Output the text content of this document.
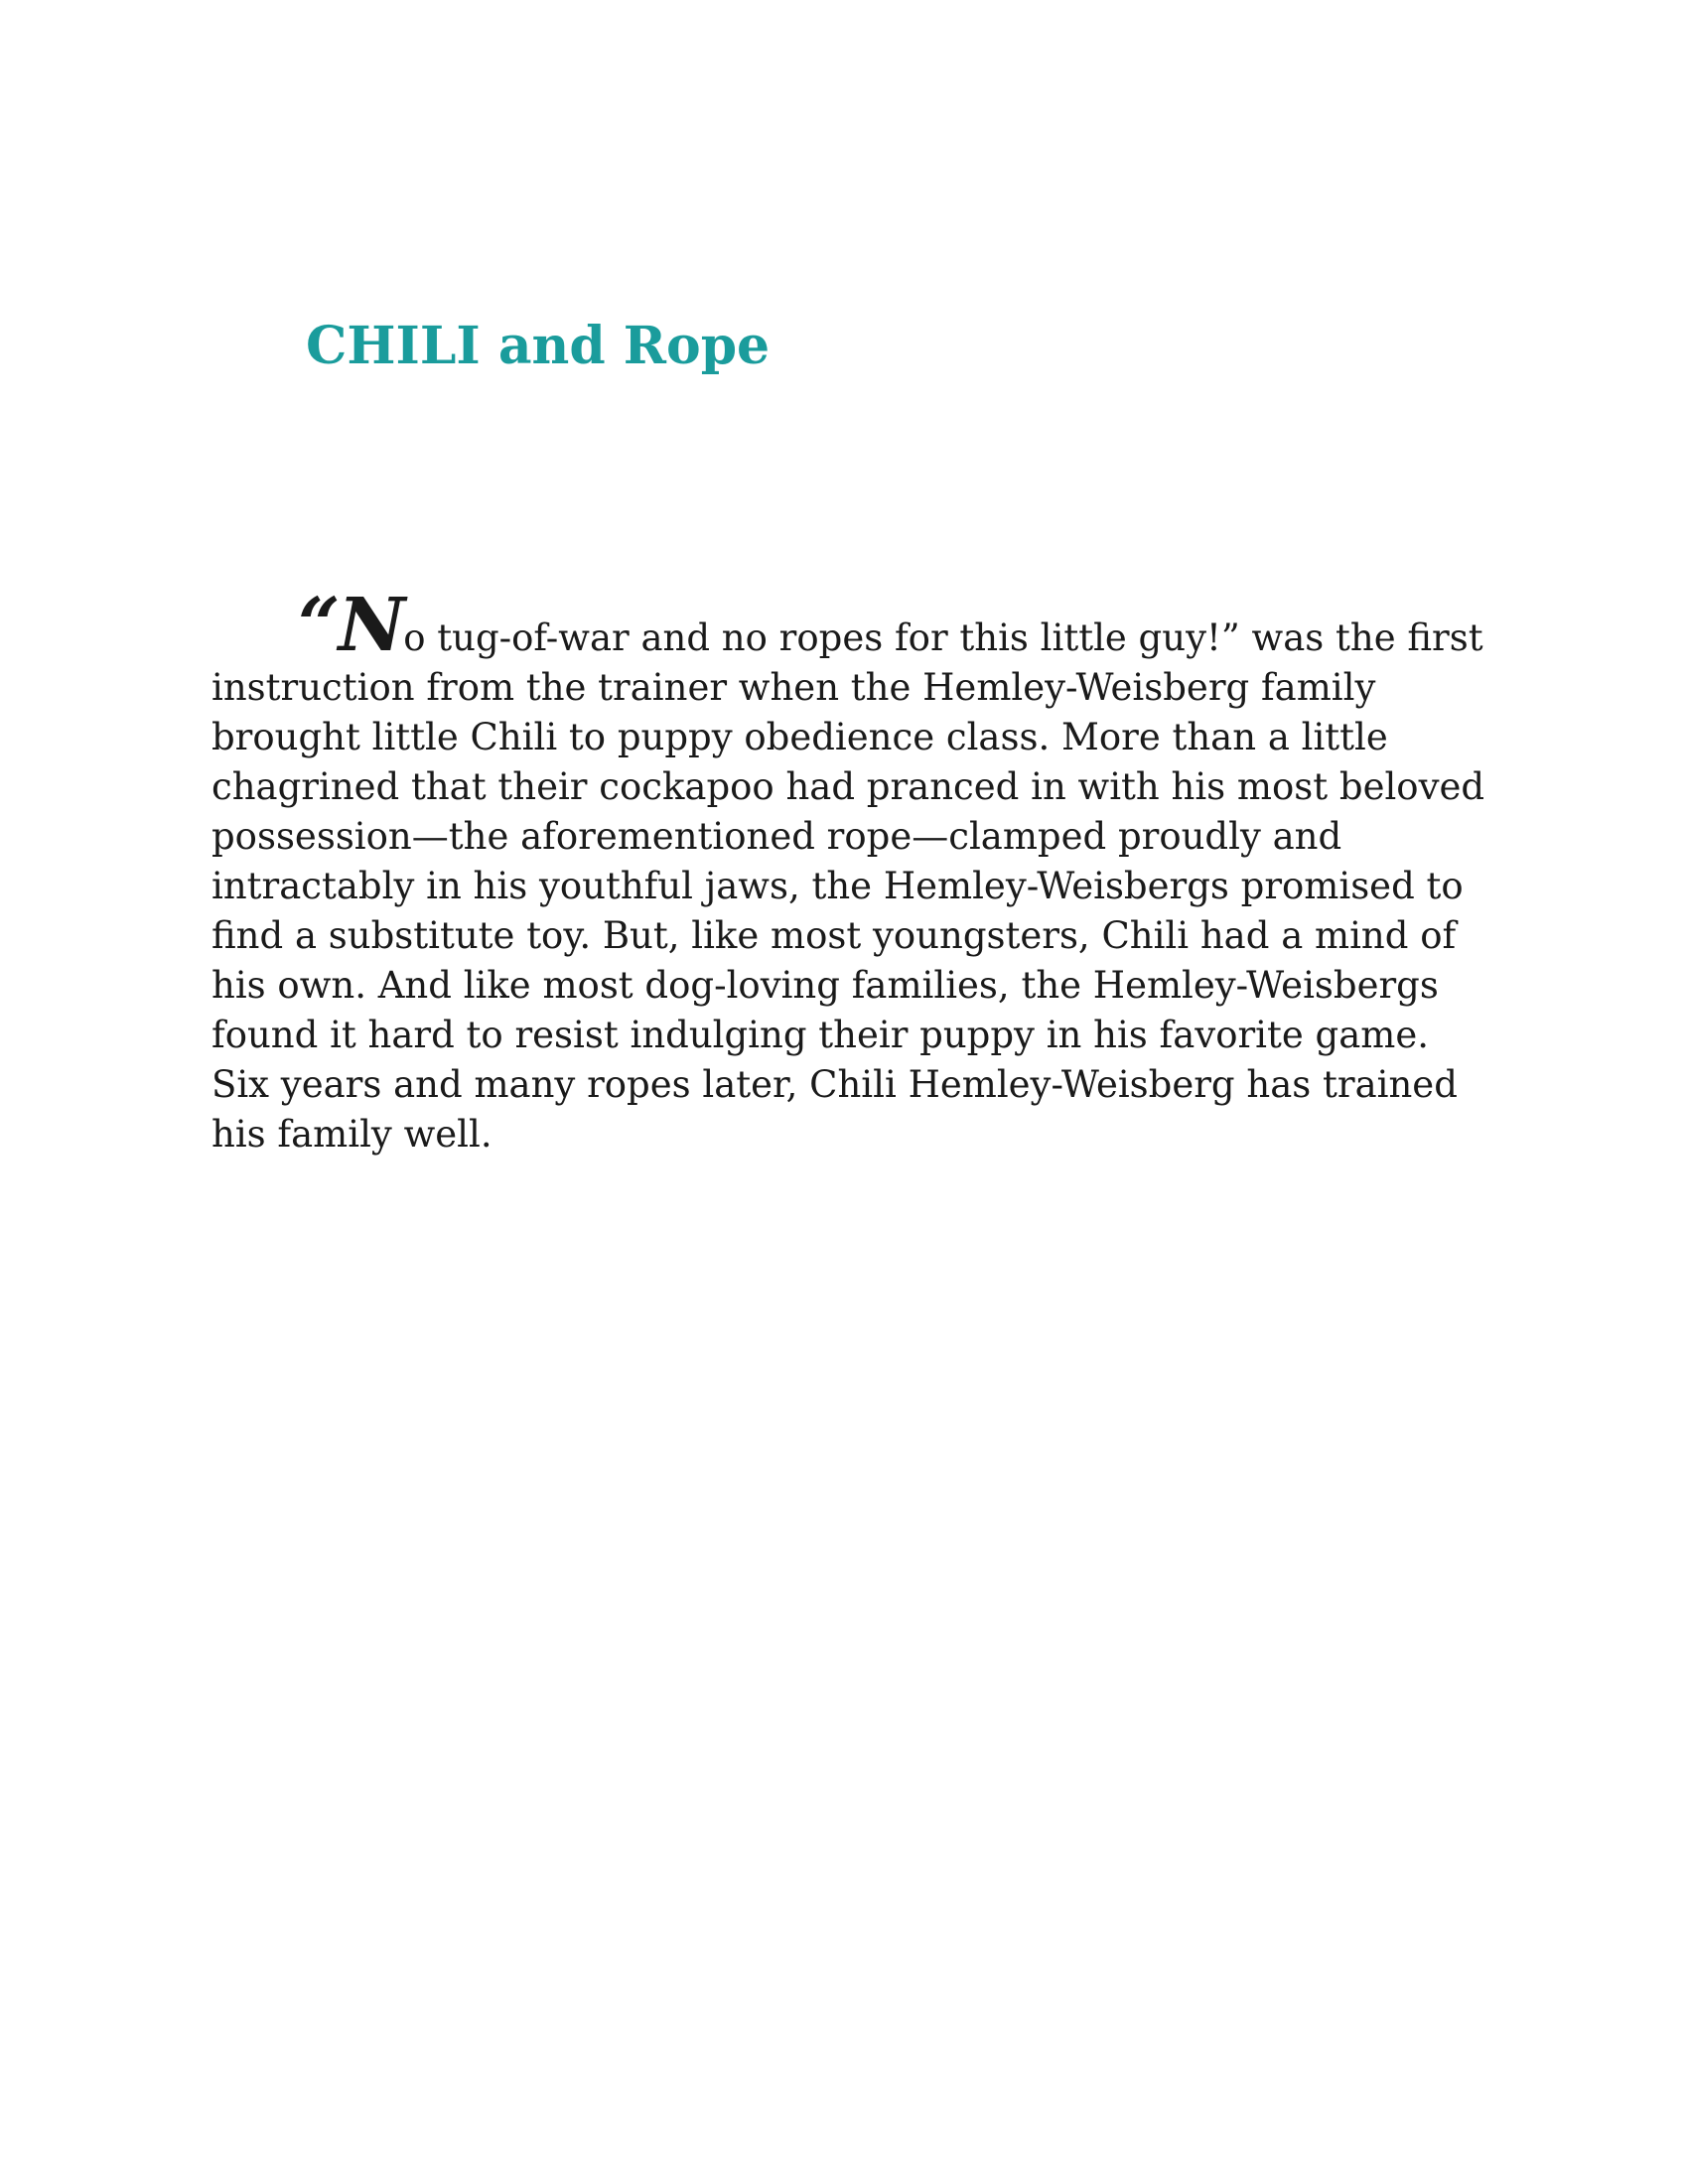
CHILI and Rope
“No tug-of-war and no ropes for this little guy!” was the first
instruction from the trainer when the Hemley-Weisberg family
brought little Chili to puppy obedience class. More than a little
chagrined that their cockapoo had pranced in with his most beloved
possession—the aforementioned rope—clamped proudly and
intractably in his youthful jaws, the Hemley-Weisbergs promised to
find a substitute toy. But, like most youngsters, Chili had a mind of
his own. And like most dog-loving families, the Hemley-Weisbergs
found it hard to resist indulging their puppy in his favorite game.
Six years and many ropes later, Chili Hemley-Weisberg has trained
his family well.
